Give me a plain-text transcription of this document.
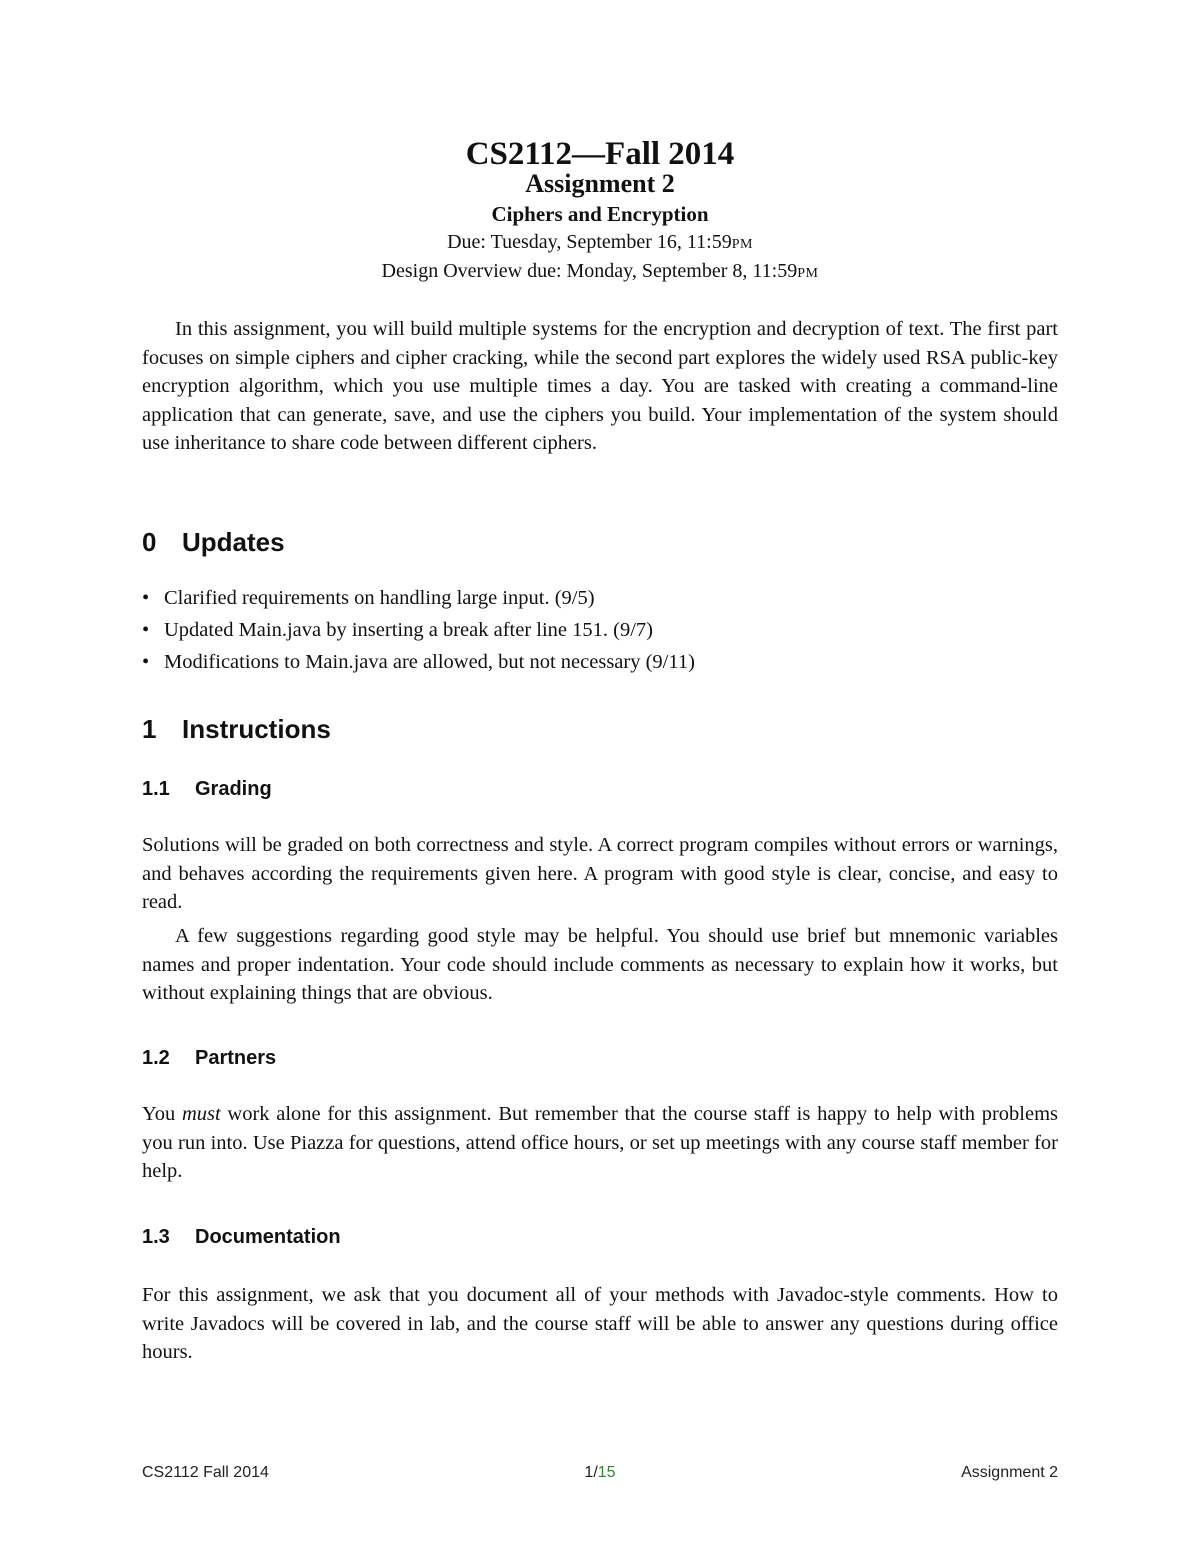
CS2112—Fall 2014
Assignment 2
Ciphers and Encryption
Due: Tuesday, September 16, 11:59PM
Design Overview due: Monday, September 8, 11:59PM

In this assignment, you will build multiple systems for the encryption and decryption of text. The first part focuses on simple ciphers and cipher cracking, while the second part explores the widely used RSA public-key encryption algorithm, which you use multiple times a day. You are tasked with creating a command-line application that can generate, save, and use the ciphers you build. Your implementation of the system should use inheritance to share code between different ciphers.

0 Updates
• Clarified requirements on handling large input. (9/5)
• Updated Main.java by inserting a break after line 151. (9/7)
• Modifications to Main.java are allowed, but not necessary (9/11)
1 Instructions
1.1 Grading

Solutions will be graded on both correctness and style. A correct program compiles without errors or warnings, and behaves according the requirements given here. A program with good style is clear, concise, and easy to read.

A few suggestions regarding good style may be helpful. You should use brief but mnemonic variables names and proper indentation. Your code should include comments as necessary to explain how it works, but without explaining things that are obvious.

1.2 Partners

You must work alone for this assignment. But remember that the course staff is happy to help with problems you run into. Use Piazza for questions, attend office hours, or set up meetings with any course staff member for help.

1.3 Documentation

For this assignment, we ask that you document all of your methods with Javadoc-style comments. How to write Javadocs will be covered in lab, and the course staff will be able to answer any questions during office hours.

CS2112 Fall 2014	1/15	Assignment 2
